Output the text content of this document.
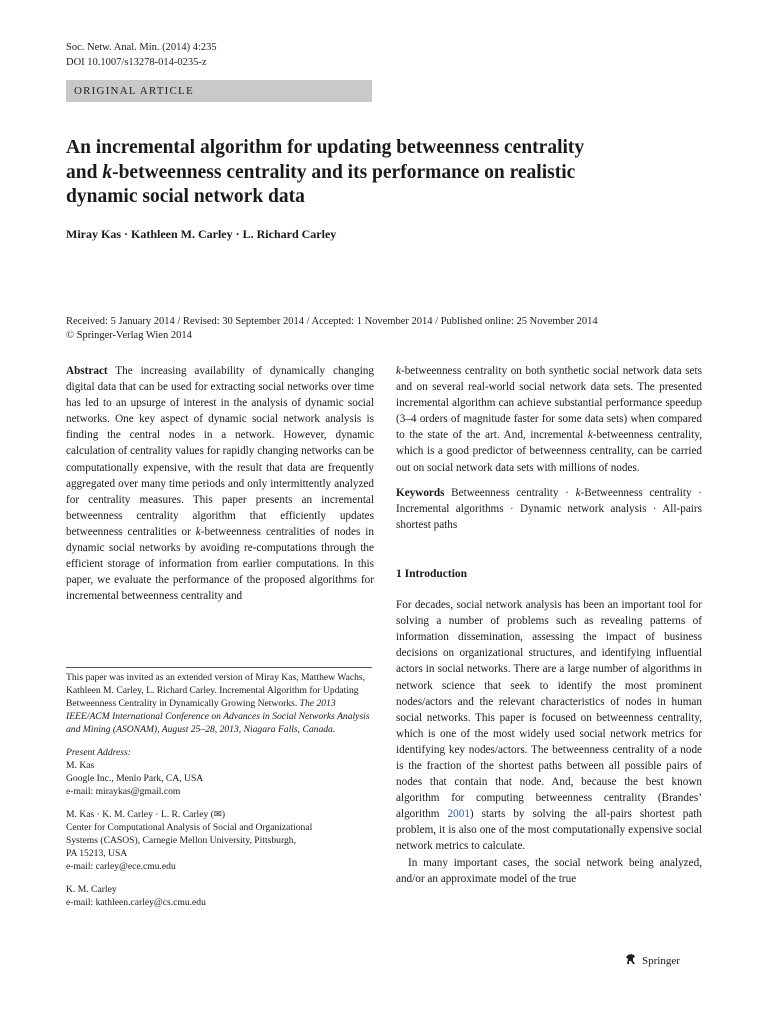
Soc. Netw. Anal. Min. (2014) 4:235
DOI 10.1007/s13278-014-0235-z
ORIGINAL ARTICLE
An incremental algorithm for updating betweenness centrality
and k-betweenness centrality and its performance on realistic
dynamic social network data
Miray Kas · Kathleen M. Carley · L. Richard Carley
Received: 5 January 2014 / Revised: 30 September 2014 / Accepted: 1 November 2014 / Published online: 25 November 2014
© Springer-Verlag Wien 2014

Abstract The increasing availability of dynamically changing digital data that can be used for extracting social networks over time has led to an upsurge of interest in the analysis of dynamic social networks. One key aspect of dynamic social network analysis is finding the central nodes in a network. However, dynamic calculation of centrality values for rapidly changing networks can be computationally expensive, with the result that data are frequently aggregated over many time periods and only intermittently analyzed for centrality measures. This paper presents an incremental betweenness centrality algorithm that efficiently updates betweenness centralities or k-betweenness centralities of nodes in dynamic social networks by avoiding re-computations through the efficient storage of information from earlier computations. In this paper, we evaluate the performance of the proposed algorithms for incremental betweenness centrality and

k-betweenness centrality on both synthetic social network data sets and on several real-world social network data sets. The presented incremental algorithm can achieve substantial performance speedup (3–4 orders of magnitude faster for some data sets) when compared to the state of the art. And, incremental k-betweenness centrality, which is a good predictor of betweenness centrality, can be carried out on social network data sets with millions of nodes.

Keywords Betweenness centrality · k-Betweenness centrality · Incremental algorithms · Dynamic network analysis · All-pairs shortest paths

1 Introduction

For decades, social network analysis has been an important tool for solving a number of problems such as revealing patterns of information dissemination, assessing the impact of business decisions on organizational structures, and identifying influential actors in social networks. There are a large number of algorithms in network science that seek to identify the most prominent nodes/actors and the relevant characteristics of nodes in human social networks. This paper is focused on betweenness centrality, which is one of the most widely used social network metrics for identifying key nodes/actors. The betweenness centrality of a node is the fraction of the shortest paths between all possible pairs of nodes that contain that node. And, because the best known algorithm for computing betweenness centrality (Brandes’ algorithm 2001) starts by solving the all-pairs shortest path problem, it is also one of the most computationally expensive social network metrics to calculate.

In many important cases, the social network being analyzed, and/or an approximate model of the true

This paper was invited as an extended version of Miray Kas, Matthew Wachs, Kathleen M. Carley, L. Richard Carley. Incremental Algorithm for Updating Betweenness Centrality in Dynamically Growing Networks. The 2013 IEEE/ACM International Conference on Advances in Social Networks Analysis and Mining (ASONAM), August 25–28, 2013, Niagara Falls, Canada.

Present Address:

M. Kas

Google Inc., Menlo Park, CA, USA

e-mail: miraykas@gmail.com

M. Kas · K. M. Carley · L. R. Carley (✉)

Center for Computational Analysis of Social and Organizational

Systems (CASOS), Carnegie Mellon University, Pittsburgh,

PA 15213, USA

e-mail: carley@ece.cmu.edu

K. M. Carley

e-mail: kathleen.carley@cs.cmu.edu

Springer
